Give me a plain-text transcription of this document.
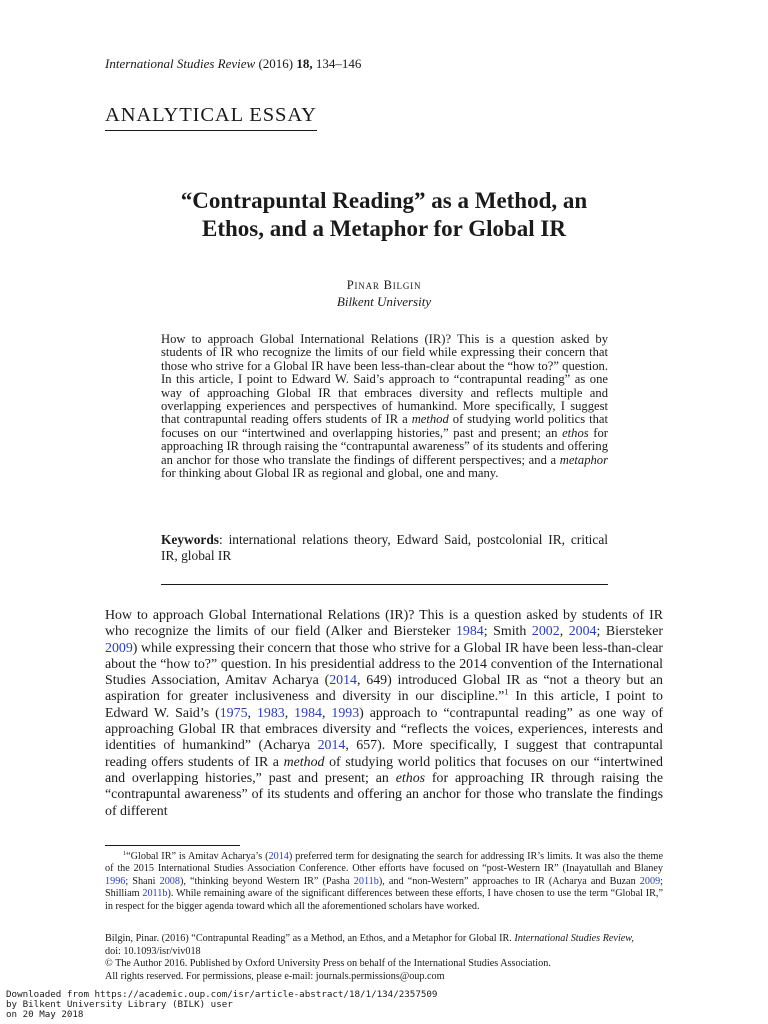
International Studies Review (2016) 18, 134–146
ANALYTICAL ESSAY
“Contrapuntal Reading” as a Method, an
Ethos, and a Metaphor for Global IR
Pinar Bilgin
Bilkent University
How to approach Global International Relations (IR)? This is a question asked by students of IR who recognize the limits of our field while expressing their concern that those who strive for a Global IR have been less-than-clear about the “how to?” question. In this article, I point to Edward W. Said’s approach to “contrapuntal reading” as one way of approaching Global IR that embraces diversity and reflects multiple and overlapping experiences and perspectives of humankind. More specifically, I suggest that contrapuntal reading offers students of IR a method of studying world politics that focuses on our “intertwined and overlapping histories,” past and present; an ethos for approaching IR through raising the “contrapuntal awareness” of its students and offering an anchor for those who translate the findings of different perspectives; and a metaphor for thinking about Global IR as regional and global, one and many.
Keywords: international relations theory, Edward Said, postcolonial IR, critical IR, global IR
How to approach Global International Relations (IR)? This is a question asked by students of IR who recognize the limits of our field (Alker and Biersteker 1984; Smith 2002, 2004; Biersteker 2009) while expressing their concern that those who strive for a Global IR have been less-than-clear about the “how to?” question. In his presidential address to the 2014 convention of the International Studies Association, Amitav Acharya (2014, 649) introduced Global IR as “not a theory but an aspiration for greater inclusiveness and diversity in our discipline.”$^1$ In this article, I point to Edward W. Said’s (1975, 1983, 1984, 1993) approach to “contrapuntal reading” as one way of approaching Global IR that embraces diversity and “reflects the voices, experiences, interests and identities of humankind” (Acharya 2014, 657). More specifically, I suggest that contrapuntal reading offers students of IR a method of studying world politics that focuses on our “intertwined and overlapping histories,” past and present; an ethos for approaching IR through raising the “contrapuntal awareness” of its students and offering an anchor for those who translate the findings of different
$^1$“Global IR” is Amitav Acharya’s (2014) preferred term for designating the search for addressing IR’s limits. It was also the theme of the 2015 International Studies Association Conference. Other efforts have focused on “post-Western IR” (Inayatullah and Blaney 1996; Shani 2008), “thinking beyond Western IR” (Pasha 2011b), and “non-Western” approaches to IR (Acharya and Buzan 2009; Shilliam 2011b). While remaining aware of the significant differences between these efforts, I have chosen to use the term “Global IR,” in respect for the bigger agenda toward which all the aforementioned scholars have worked.
Bilgin, Pinar. (2016) “Contrapuntal Reading” as a Method, an Ethos, and a Metaphor for Global IR. International Studies Review,
doi: 10.1093/isr/viv018
© The Author 2016. Published by Oxford University Press on behalf of the International Studies Association.
All rights reserved. For permissions, please e-mail: journals.permissions@oup.com
Downloaded from https://academic.oup.com/isr/article-abstract/18/1/134/2357509
by Bilkent University Library (BILK) user
on 20 May 2018
